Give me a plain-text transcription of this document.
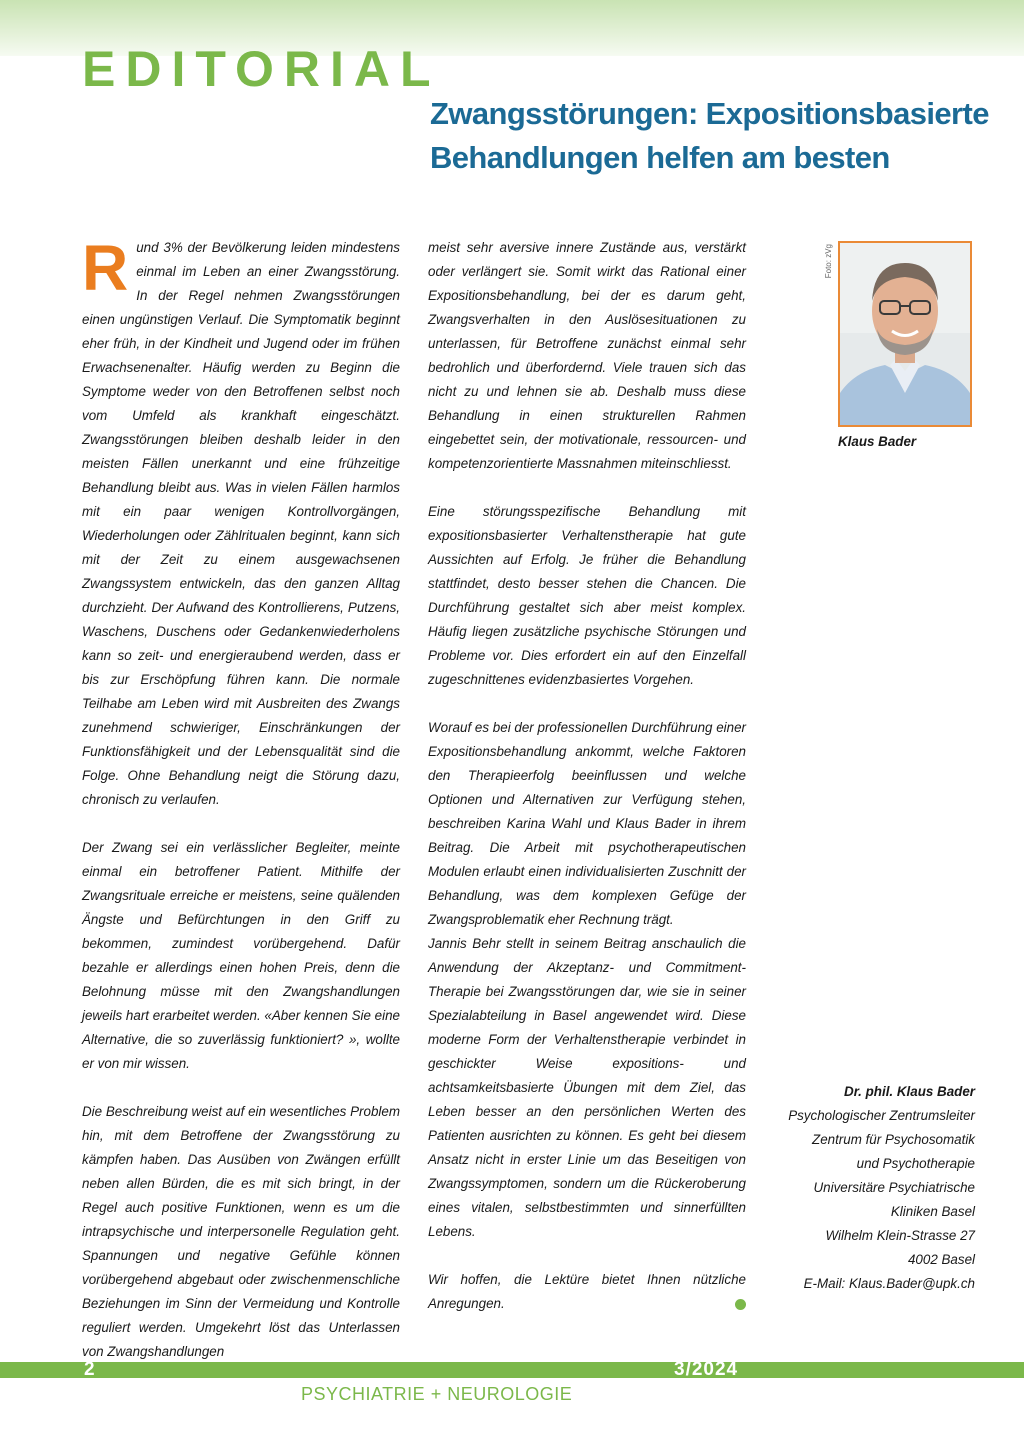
EDITORIAL
Zwangsstörungen: Expositionsbasierte Behandlungen helfen am besten

Rund 3% der Bevölkerung leiden mindestens einmal im Leben an einer Zwangsstörung. In der Regel nehmen Zwangsstörungen einen ungünstigen Verlauf. Die Symptomatik beginnt eher früh, in der Kindheit und Jugend oder im frühen Erwachsenenalter. Häufig werden zu Beginn die Symptome weder von den Betroffenen selbst noch vom Umfeld als krankhaft eingeschätzt. Zwangsstörungen bleiben deshalb leider in den meisten Fällen unerkannt und eine frühzeitige Behandlung bleibt aus. Was in vielen Fällen harmlos mit ein paar wenigen Kontrollvorgängen, Wiederholungen oder Zählritualen beginnt, kann sich mit der Zeit zu einem ausgewachsenen Zwangssystem entwickeln, das den ganzen Alltag durchzieht. Der Aufwand des Kontrollierens, Putzens, Waschens, Duschens oder Gedankenwiederholens kann so zeit- und energieraubend werden, dass er bis zur Erschöpfung führen kann. Die normale Teilhabe am Leben wird mit Ausbreiten des Zwangs zunehmend schwieriger, Einschränkungen der Funktionsfähigkeit und der Lebensqualität sind die Folge. Ohne Behandlung neigt die Störung dazu, chronisch zu verlaufen.

Der Zwang sei ein verlässlicher Begleiter, meinte einmal ein betroffener Patient. Mithilfe der Zwangsrituale erreiche er meistens, seine quälenden Ängste und Befürchtungen in den Griff zu bekommen, zumindest vorübergehend. Dafür bezahle er allerdings einen hohen Preis, denn die Belohnung müsse mit den Zwangshandlungen jeweils hart erarbeitet werden. «Aber kennen Sie eine Alternative, die so zuverlässig funktioniert? », wollte er von mir wissen.

Die Beschreibung weist auf ein wesentliches Problem hin, mit dem Betroffene der Zwangsstörung zu kämpfen haben. Das Ausüben von Zwängen erfüllt neben allen Bürden, die es mit sich bringt, in der Regel auch positive Funktionen, wenn es um die intrapsychische und interpersonelle Regulation geht. Spannungen und negative Gefühle können vorübergehend abgebaut oder zwischenmenschliche Beziehungen im Sinn der Vermeidung und Kontrolle reguliert werden. Umgekehrt löst das Unterlassen von Zwangshandlungen

meist sehr aversive innere Zustände aus, verstärkt oder verlängert sie. Somit wirkt das Rational einer Expositionsbehandlung, bei der es darum geht, Zwangsverhalten in den Auslösesituationen zu unterlassen, für Betroffene zunächst einmal sehr bedrohlich und überfordernd. Viele trauen sich das nicht zu und lehnen sie ab. Deshalb muss diese Behandlung in einen strukturellen Rahmen eingebettet sein, der motivationale, ressourcen- und kompetenzorientierte Massnahmen miteinschliesst.

Eine störungsspezifische Behandlung mit expositionsbasierter Verhaltenstherapie hat gute Aussichten auf Erfolg. Je früher die Behandlung stattfindet, desto besser stehen die Chancen. Die Durchführung gestaltet sich aber meist komplex. Häufig liegen zusätzliche psychische Störungen und Probleme vor. Dies erfordert ein auf den Einzelfall zugeschnittenes evidenzbasiertes Vorgehen.

Worauf es bei der professionellen Durchführung einer Expositionsbehandlung ankommt, welche Faktoren den Therapieerfolg beeinflussen und welche Optionen und Alternativen zur Verfügung stehen, beschreiben Karina Wahl und Klaus Bader in ihrem Beitrag. Die Arbeit mit psychotherapeutischen Modulen erlaubt einen individualisierten Zuschnitt der Behandlung, was dem komplexen Gefüge der Zwangsproblematik eher Rechnung trägt.

Jannis Behr stellt in seinem Beitrag anschaulich die Anwendung der Akzeptanz- und Commitment-Therapie bei Zwangsstörungen dar, wie sie in seiner Spezialabteilung in Basel angewendet wird. Diese moderne Form der Verhaltenstherapie verbindet in geschickter Weise expositions- und achtsamkeitsbasierte Übungen mit dem Ziel, das Leben besser an den persönlichen Werten des Patienten ausrichten zu können. Es geht bei diesem Ansatz nicht in erster Linie um das Beseitigen von Zwangssymptomen, sondern um die Rückeroberung eines vitalen, selbstbestimmten und sinnerfüllten Lebens.

Wir hoffen, die Lektüre bietet Ihnen nützliche Anregungen.

Foto: zVg
Klaus Bader
Dr. phil. Klaus Bader
Psychologischer Zentrumsleiter
Zentrum für Psychosomatik
und Psychotherapie
Universitäre Psychiatrische
Kliniken Basel
Wilhelm Klein-Strasse 27
4002 Basel
E-Mail: Klaus.Bader@upk.ch
2	3/2024
PSYCHIATRIE + NEUROLOGIE
